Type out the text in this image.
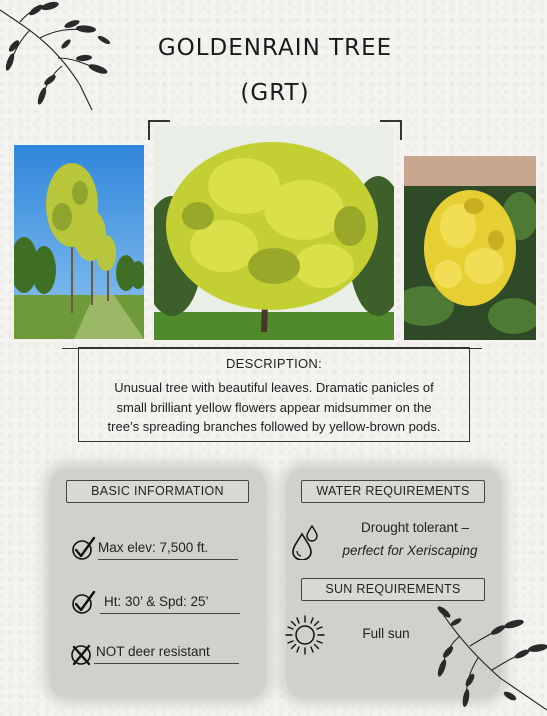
GOLDENRAIN TREE
(GRT)
DESCRIPTION:
Unusual tree with beautiful leaves. Dramatic panicles of
small brilliant yellow flowers appear midsummer on the
tree’s spreading branches followed by yellow-brown pods.
BASIC INFORMATION
Max elev: 7,500 ft.
Ht: 30’ & Spd: 25’
NOT deer resistant
WATER REQUIREMENTS
Drought tolerant –
perfect for Xeriscaping
SUN REQUIREMENTS
Full sun
